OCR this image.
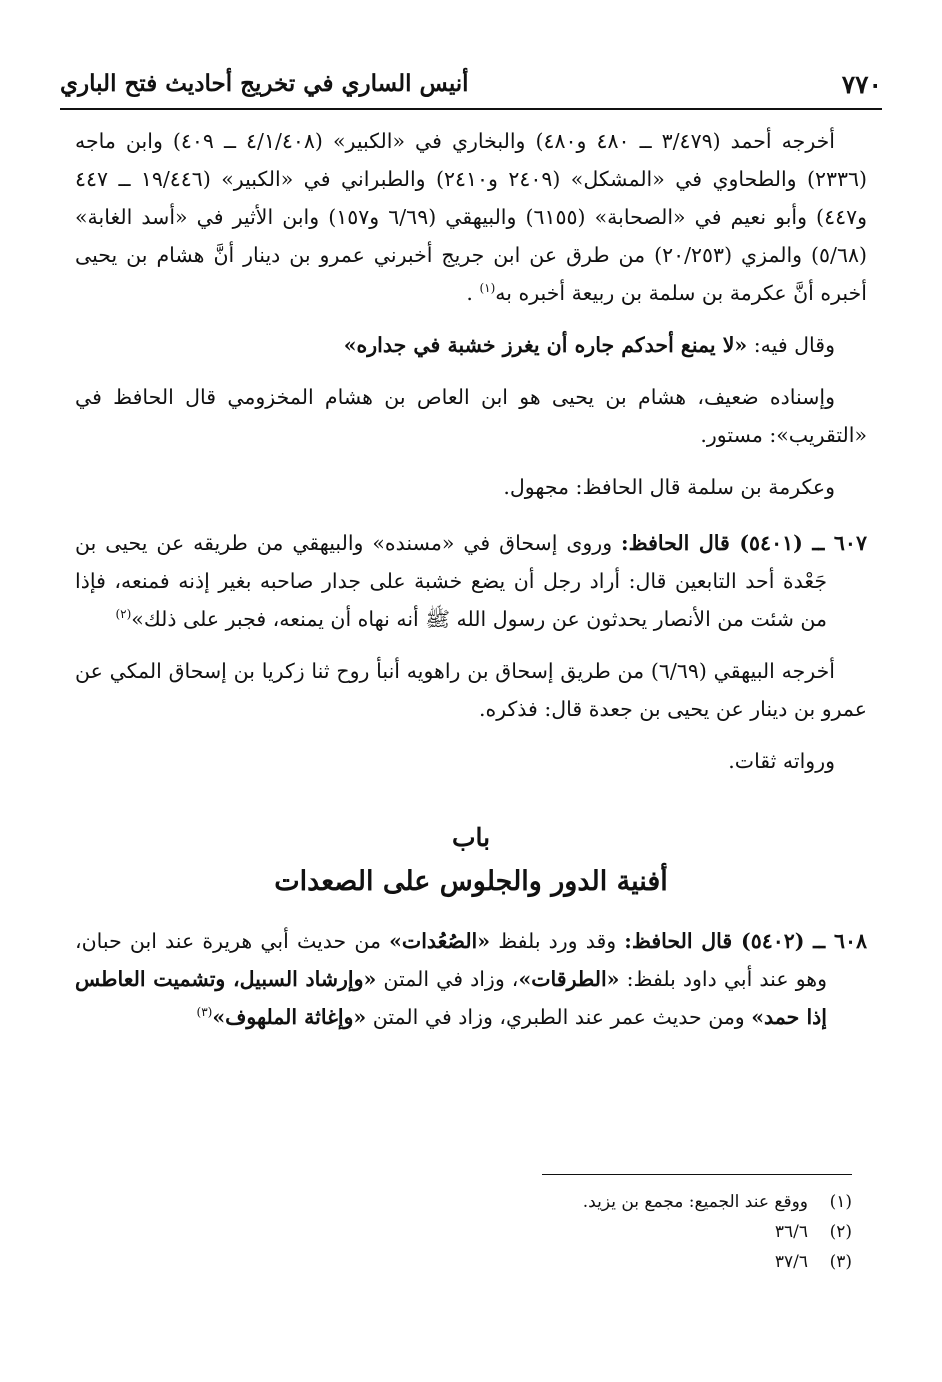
أنيس الساري في تخريج أحاديث فتح الباري	٧٧٠

أخرجه أحمد (٣/٤٧٩ ــ ٤٨٠ و٤٨٠) والبخاري في «الكبير» (٤/١/٤٠٨ ــ ٤٠٩) وابن ماجه (٢٣٣٦) والطحاوي في «المشكل» (٢٤٠٩ و٢٤١٠) والطبراني في «الكبير» (١٩/٤٤٦ ــ ٤٤٧ و٤٤٧) وأبو نعيم في «الصحابة» (٦١٥٥) والبيهقي (٦/٦٩ و١٥٧) وابن الأثير في «أسد الغابة» (٥/٦٨) والمزي (٢٠/٢٥٣) من طرق عن ابن جريج أخبرني عمرو بن دينار أنَّ هشام بن يحيى أخبره أنَّ عكرمة بن سلمة بن ربيعة أخبره به$^{(١)}$ .

وقال فيه: «لا يمنع أحدكم جاره أن يغرز خشبة في جداره»

وإسناده ضعيف، هشام بن يحيى هو ابن العاص بن هشام المخزومي قال الحافظ في «التقريب»: مستور.

وعكرمة بن سلمة قال الحافظ: مجهول.

٦٠٧ ــ (٥٤٠١) قال الحافظ: وروى إسحاق في «مسنده» والبيهقي من طريقه عن يحيى بن جَعْدة أحد التابعين قال: أراد رجل أن يضع خشبة على جدار صاحبه بغير إذنه فمنعه، فإذا من شئت من الأنصار يحدثون عن رسول الله ﷺ أنه نهاه أن يمنعه، فجبر على ذلك»$^{(٢)}$

أخرجه البيهقي (٦/٦٩) من طريق إسحاق بن راهويه أنبأ روح ثنا زكريا بن إسحاق المكي عن عمرو بن دينار عن يحيى بن جعدة قال: فذكره.

ورواته ثقات.

باب
أفنية الدور والجلوس على الصعدات

٦٠٨ ــ (٥٤٠٢) قال الحافظ: وقد ورد بلفظ «الصُعُدات» من حديث أبي هريرة عند ابن حبان، وهو عند أبي داود بلفظ: «الطرقات»، وزاد في المتن «وإرشاد السبيل، وتشميت العاطس إذا حمد» ومن حديث عمر عند الطبري، وزاد في المتن «وإغاثة الملهوف»$^{(٣)}$

(١)
ووقع عند الجميع: مجمع بن يزيد.
(٢)
٣٦/٦
(٣)
٣٧/٦
